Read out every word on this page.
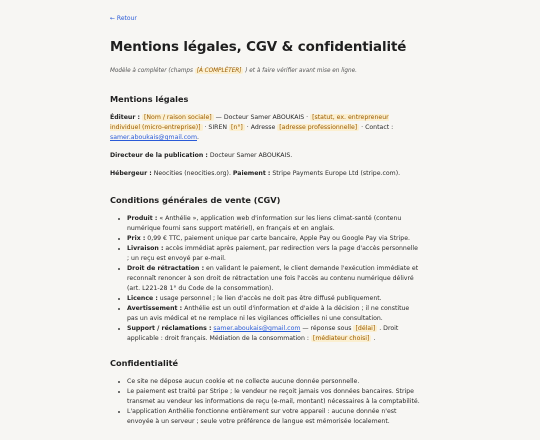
← Retour
Mentions légales, CGV & confidentialité
Modèle à compléter (champs [À COMPLÉTER] ) et à faire vérifier avant mise en ligne.
Mentions légales

Éditeur : [Nom / raison sociale] — Docteur Samer ABOUKAIS · [statut, ex. entrepreneur individuel (micro-entreprise)] · SIREN [n°] · Adresse [adresse professionnelle] · Contact : samer.aboukais@gmail.com.

Directeur de la publication : Docteur Samer ABOUKAIS.

Hébergeur : Neocities (neocities.org). Paiement : Stripe Payments Europe Ltd (stripe.com).

Conditions générales de vente (CGV)
Produit : « Anthélie », application web d'information sur les liens climat-santé (contenu numérique fourni sans support matériel), en français et en anglais.
Prix : 0,99 € TTC, paiement unique par carte bancaire, Apple Pay ou Google Pay via Stripe.
Livraison : accès immédiat après paiement, par redirection vers la page d'accès personnelle ; un reçu est envoyé par e-mail.
Droit de rétractation : en validant le paiement, le client demande l'exécution immédiate et reconnaît renoncer à son droit de rétractation une fois l'accès au contenu numérique délivré (art. L221-28 1° du Code de la consommation).
Licence : usage personnel ; le lien d'accès ne doit pas être diffusé publiquement.
Avertissement : Anthélie est un outil d'information et d'aide à la décision ; il ne constitue pas un avis médical et ne remplace ni les vigilances officielles ni une consultation.
Support / réclamations : samer.aboukais@gmail.com — réponse sous [délai] . Droit applicable : droit français. Médiation de la consommation : [médiateur choisi] .
Confidentialité
Ce site ne dépose aucun cookie et ne collecte aucune donnée personnelle.
Le paiement est traité par Stripe ; le vendeur ne reçoit jamais vos données bancaires. Stripe transmet au vendeur les informations de reçu (e-mail, montant) nécessaires à la comptabilité.
L'application Anthélie fonctionne entièrement sur votre appareil : aucune donnée n'est envoyée à un serveur ; seule votre préférence de langue est mémorisée localement.
